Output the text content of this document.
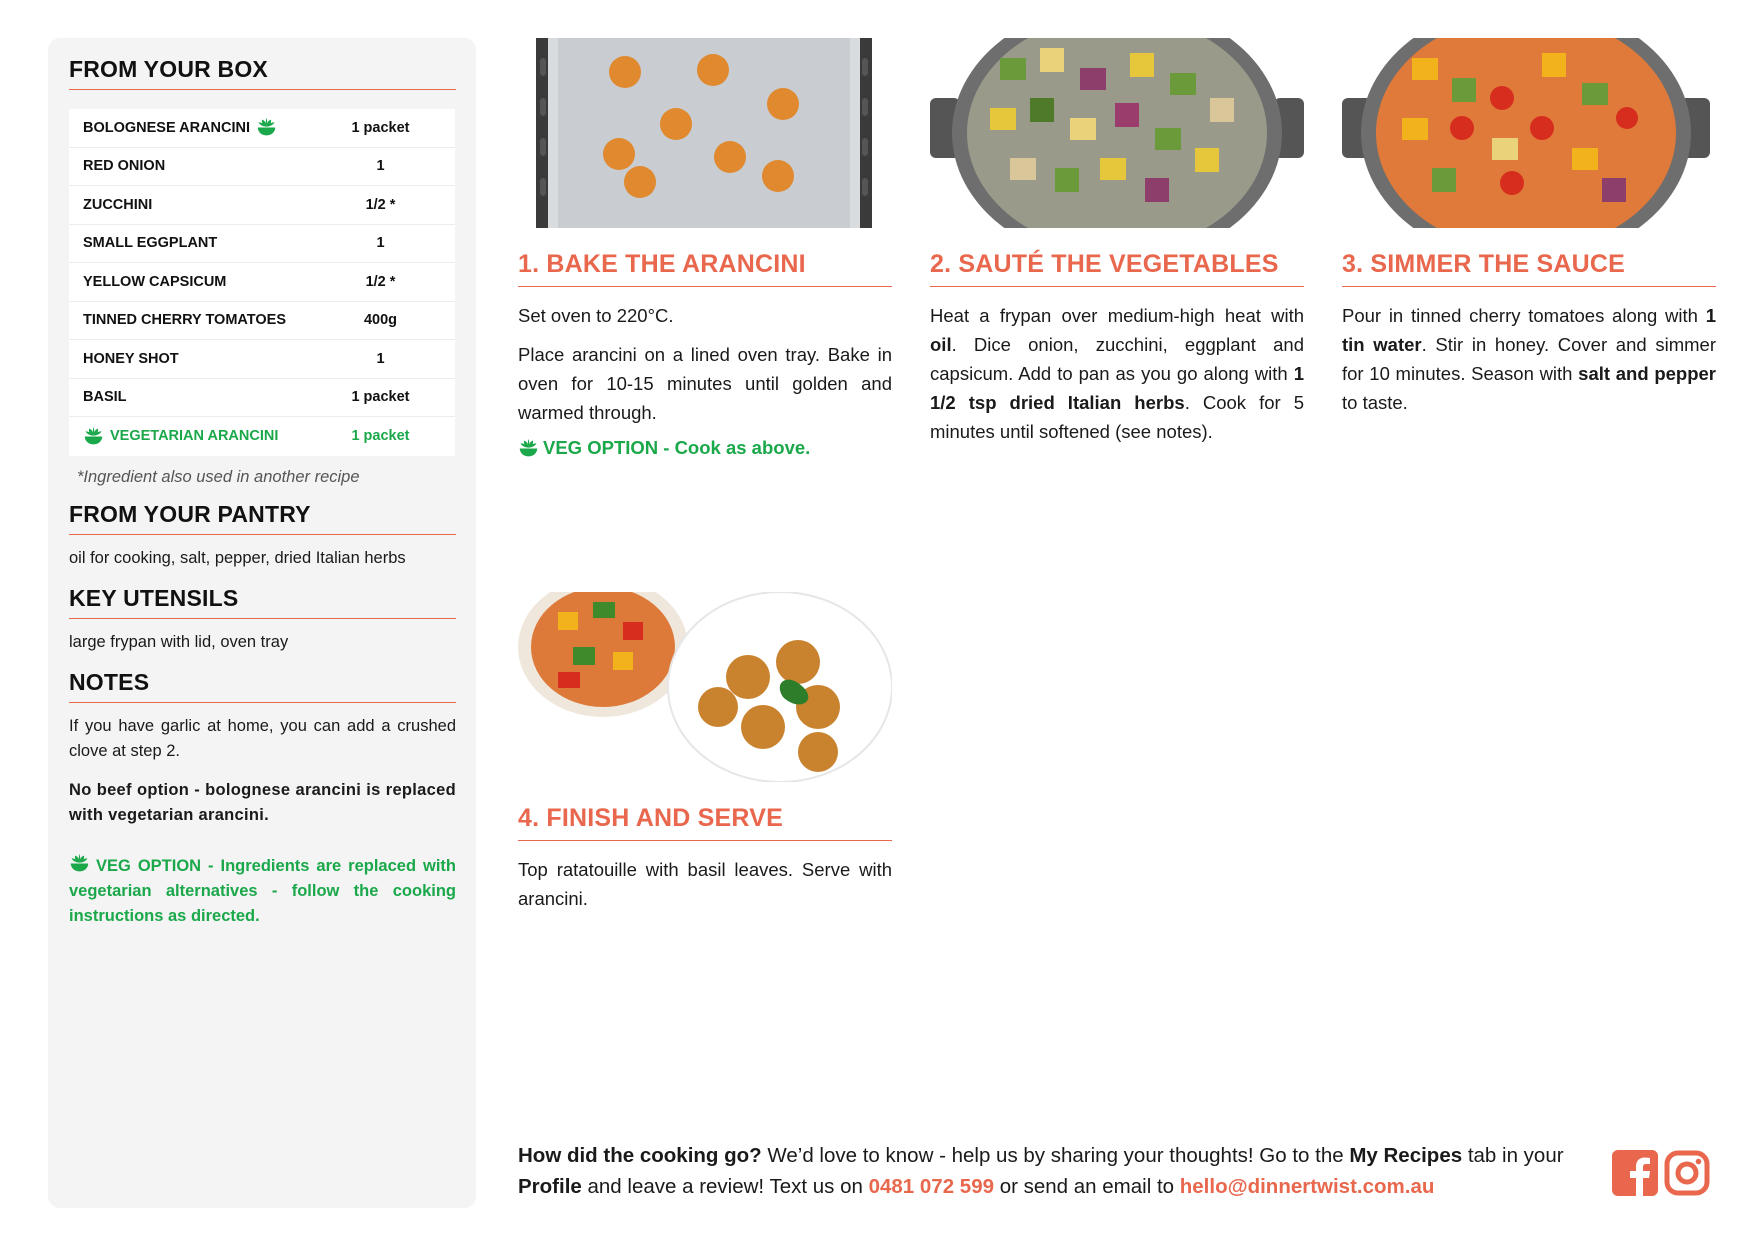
FROM YOUR BOX
BOLOGNESE ARANCINI	1 packet
RED ONION	1
ZUCCHINI	1/2 *
SMALL EGGPLANT	1
YELLOW CAPSICUM	1/2 *
TINNED CHERRY TOMATOES	400g
HONEY SHOT	1
BASIL	1 packet
VEGETARIAN ARANCINI	1 packet
*Ingredient also used in another recipe
FROM YOUR PANTRY
oil for cooking, salt, pepper, dried Italian herbs
KEY UTENSILS
large frypan with lid, oven tray
NOTES
If you have garlic at home, you can add a crushed clove at step 2.
No beef option - bolognese arancini is replaced with vegetarian arancini.
VEG OPTION - Ingredients are replaced with vegetarian alternatives - follow the cooking instructions as directed.
1. BAKE THE ARANCINI

Set oven to 220°C.

Place arancini on a lined oven tray. Bake in oven for 10-15 minutes until golden and warmed through.

VEG OPTION - Cook as above.
2. SAUTÉ THE VEGETABLES

Heat a frypan over medium-high heat with oil. Dice onion, zucchini, eggplant and capsicum. Add to pan as you go along with 1 1/2 tsp dried Italian herbs. Cook for 5 minutes until softened (see notes).

3. SIMMER THE SAUCE

Pour in tinned cherry tomatoes along with 1 tin water. Stir in honey. Cover and simmer for 10 minutes. Season with salt and pepper to taste.

4. FINISH AND SERVE

Top ratatouille with basil leaves. Serve with arancini.

How did the cooking go? We’d love to know - help us by sharing your thoughts! Go to the My Recipes tab in your Profile and leave a review! Text us on 0481 072 599 or send an email to hello@dinnertwist.com.au
